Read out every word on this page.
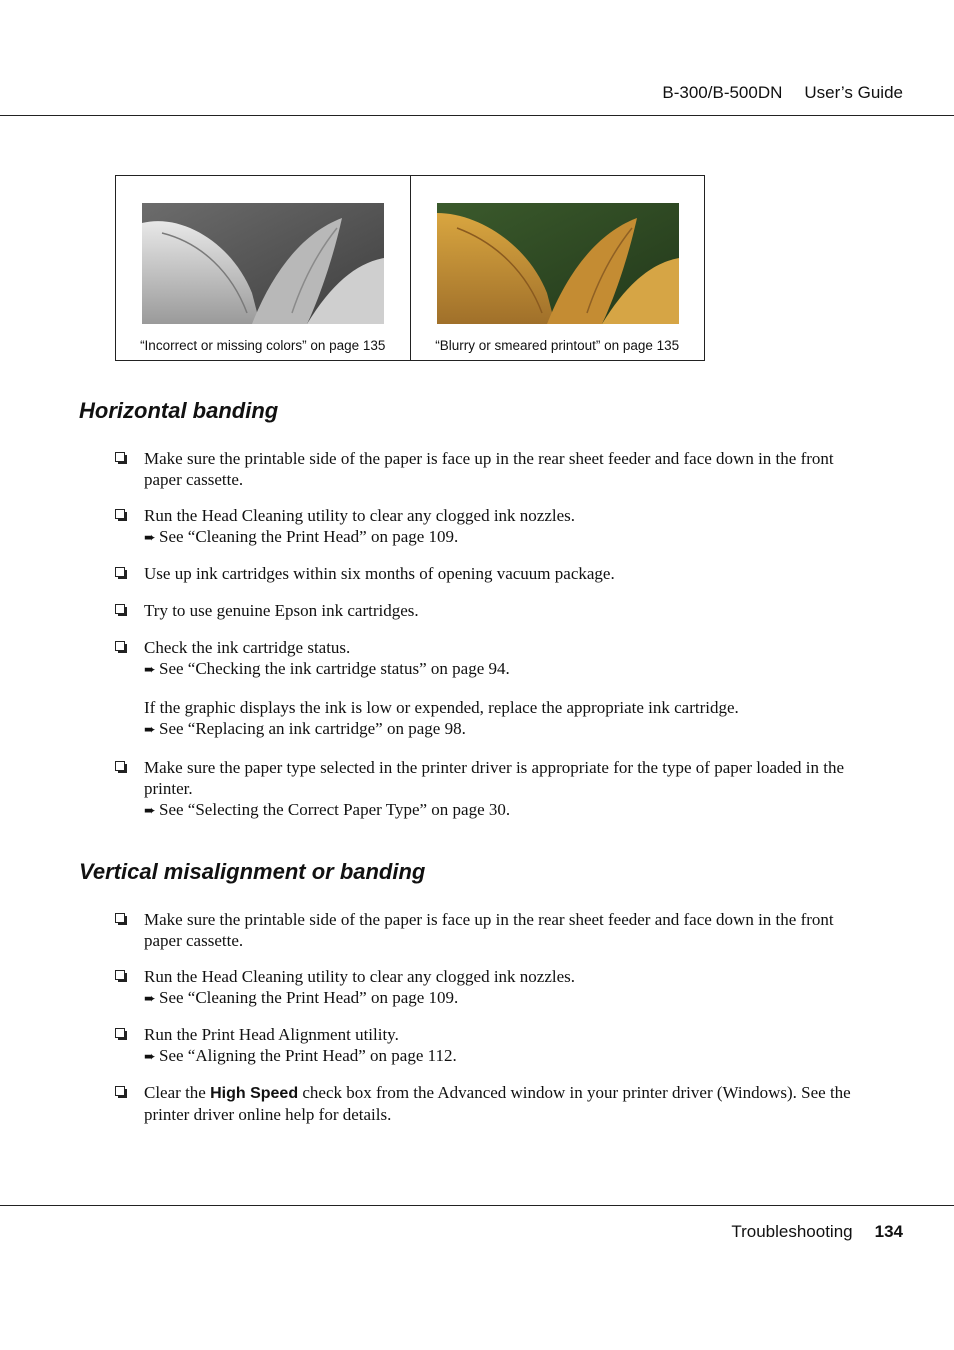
B-300/B-500DN User’s Guide
“Incorrect or missing colors” on page 135	“Blurry or smeared printout” on page 135
Horizontal banding
Make sure the printable side of the paper is face up in the rear sheet feeder and face down in the front paper cassette.
Run the Head Cleaning utility to clear any clogged ink nozzles.
➨ See “Cleaning the Print Head” on page 109.
Use up ink cartridges within six months of opening vacuum package.
Try to use genuine Epson ink cartridges.
Check the ink cartridge status.
➨ See “Checking the ink cartridge status” on page 94.
If the graphic displays the ink is low or expended, replace the appropriate ink cartridge.
➨ See “Replacing an ink cartridge” on page 98.
Make sure the paper type selected in the printer driver is appropriate for the type of paper loaded in the printer.
➨ See “Selecting the Correct Paper Type” on page 30.
Vertical misalignment or banding
Make sure the printable side of the paper is face up in the rear sheet feeder and face down in the front paper cassette.
Run the Head Cleaning utility to clear any clogged ink nozzles.
➨ See “Cleaning the Print Head” on page 109.
Run the Print Head Alignment utility.
➨ See “Aligning the Print Head” on page 112.
Clear the High Speed check box from the Advanced window in your printer driver (Windows). See the printer driver online help for details.
Troubleshooting 134
